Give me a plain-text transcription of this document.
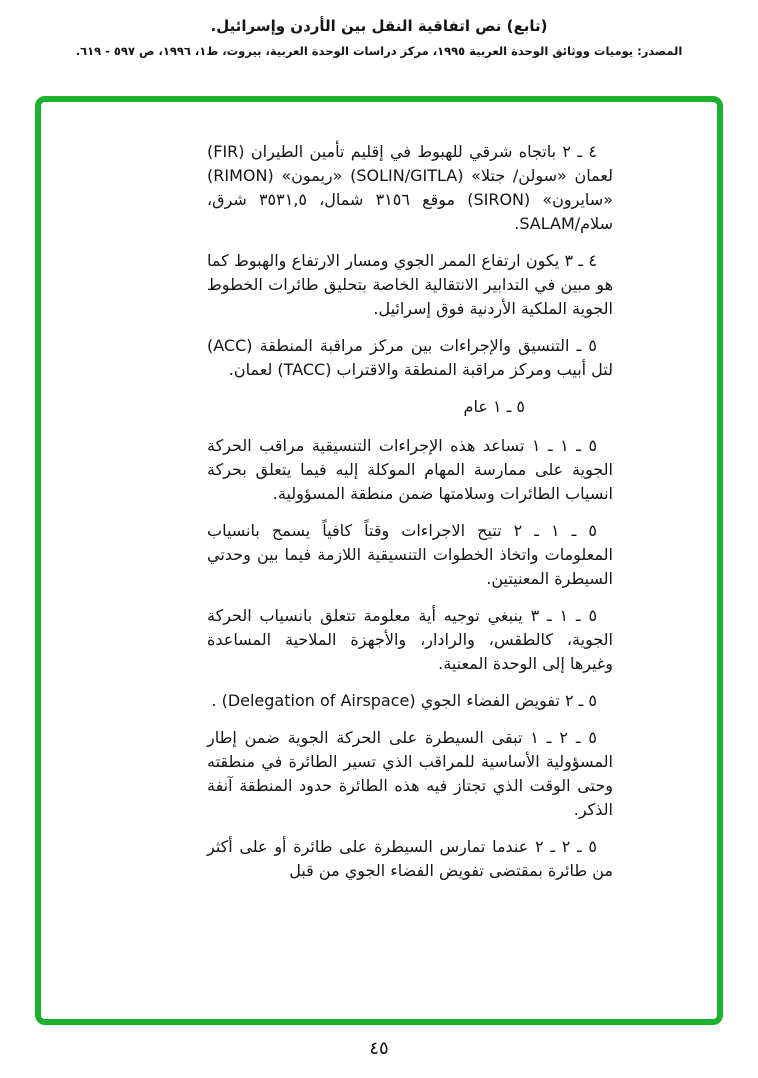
(تابع) نص اتفاقية النقل بين الأردن وإسرائيل.
المصدر: يوميات ووثائق الوحدة العربية ١٩٩٥، مركز دراسات الوحدة العربية، بيروت، ط١، ١٩٩٦، ص ٥٩٧ - ٦١٩.

٤ ـ ٢ باتجاه شرقي للهبوط في إقليم تأمين الطيران (FIR) لعمان «سولن/ جتلا» (SOLIN/GITLA) «ريمون» (RIMON) «سايرون» (SIRON) موقع ٣١٥٦ شمال، ٣٥٣١,٥ شرق، سلام/SALAM.

٤ ـ ٣ يكون ارتفاع الممر الجوي ومسار الارتفاع والهبوط كما هو مبين في التدابير الانتقالية الخاصة بتحليق طائرات الخطوط الجوية الملكية الأردنية فوق إسرائيل.

٥ ـ التنسيق والإجراءات بين مركز مراقبة المنطقة (ACC) لتل أبيب ومركز مراقبة المنطقة والاقتراب (TACC) لعمان.

٥ ـ ١ عام

٥ ـ ١ ـ ١ تساعد هذه الإجراءات التنسيقية مراقب الحركة الجوية على ممارسة المهام الموكلة إليه فيما يتعلق بحركة انسياب الطائرات وسلامتها ضمن منطقة المسؤولية.

٥ ـ ١ ـ ٢ تتيح الاجراءات وقتاً كافياً يسمح بانسياب المعلومات واتخاذ الخطوات التنسيقية اللازمة فيما بين وحدتي السيطرة المعنيتين.

٥ ـ ١ ـ ٣ ينبغي توجيه أية معلومة تتعلق بانسياب الحركة الجوية، كالطقس، والرادار، والأجهزة الملاحية المساعدة وغيرها إلى الوحدة المعنية.

٥ ـ ٢ تفويض الفضاء الجوي (Delegation of Airspace) .

٥ ـ ٢ ـ ١ تبقى السيطرة على الحركة الجوية ضمن إطار المسؤولية الأساسية للمراقب الذي تسير الطائرة في منطقته وحتى الوقت الذي تجتاز فيه هذه الطائرة حدود المنطقة آنفة الذكر.

٥ ـ ٢ ـ ٢ عندما تمارس السيطرة على طائرة أو على أكثر من طائرة بمقتضى تفويض الفضاء الجوي من قبل

٤٥
